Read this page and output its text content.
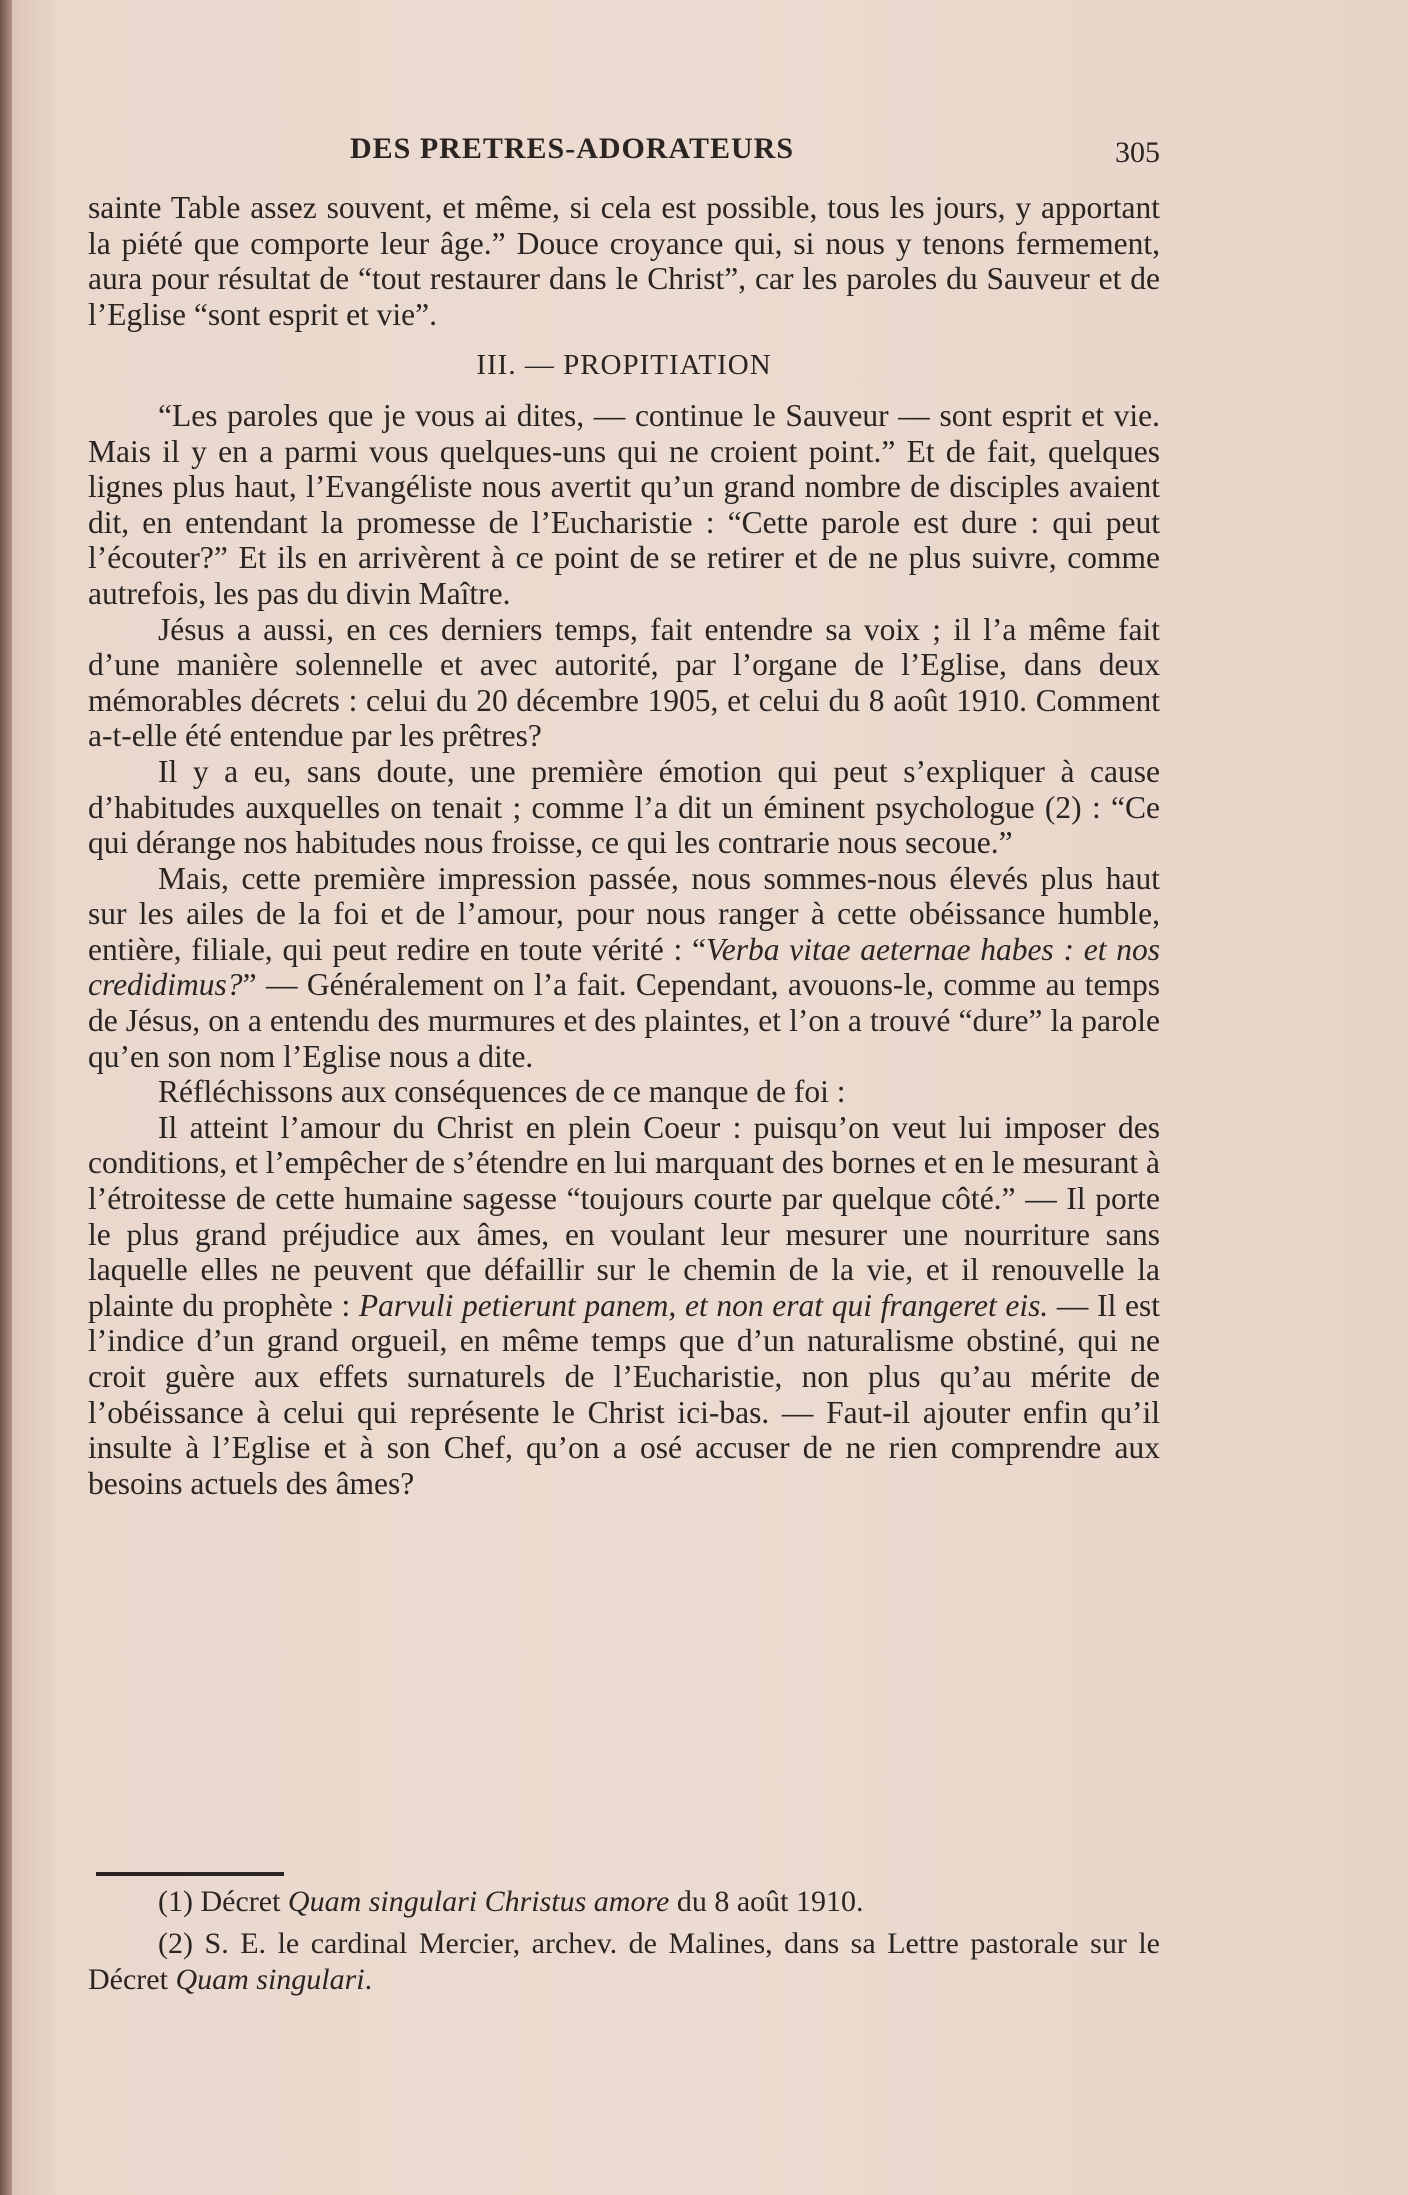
DES PRETRES-ADORATEURS	305

sainte Table assez souvent, et même, si cela est possible, tous les jours, y apportant la piété que comporte leur âge.” Douce croyance qui, si nous y tenons fermement, aura pour résultat de “tout restaurer dans le Christ”, car les paroles du Sauveur et de l’Eglise “sont esprit et vie”.

III. — PROPITIATION

“Les paroles que je vous ai dites, — continue le Sauveur — sont esprit et vie. Mais il y en a parmi vous quelques-uns qui ne croient point.” Et de fait, quelques lignes plus haut, l’Evangéliste nous avertit qu’un grand nombre de disciples avaient dit, en entendant la promesse de l’Eucharistie : “Cette parole est dure : qui peut l’écouter?” Et ils en arrivèrent à ce point de se retirer et de ne plus suivre, comme autrefois, les pas du divin Maître.

Jésus a aussi, en ces derniers temps, fait entendre sa voix ; il l’a même fait d’une manière solennelle et avec autorité, par l’organe de l’Eglise, dans deux mémorables décrets : celui du 20 décembre 1905, et celui du 8 août 1910. Comment a-t-elle été entendue par les prêtres?

Il y a eu, sans doute, une première émotion qui peut s’expliquer à cause d’habitudes auxquelles on tenait ; comme l’a dit un éminent psychologue (2) : “Ce qui dérange nos habitudes nous froisse, ce qui les contrarie nous secoue.”

Mais, cette première impression passée, nous sommes-nous élevés plus haut sur les ailes de la foi et de l’amour, pour nous ranger à cette obéissance humble, entière, filiale, qui peut redire en toute vérité : “Verba vitae aeternae habes : et nos credidimus?” — Généralement on l’a fait. Cependant, avouons-le, comme au temps de Jésus, on a entendu des murmures et des plaintes, et l’on a trouvé “dure” la parole qu’en son nom l’Eglise nous a dite.

Réfléchissons aux conséquences de ce manque de foi :

Il atteint l’amour du Christ en plein Coeur : puisqu’on veut lui imposer des conditions, et l’empêcher de s’étendre en lui marquant des bornes et en le mesurant à l’étroitesse de cette humaine sagesse “toujours courte par quelque côté.” — Il porte le plus grand préjudice aux âmes, en voulant leur mesurer une nourriture sans laquelle elles ne peuvent que défaillir sur le chemin de la vie, et il renouvelle la plainte du prophète : Parvuli petierunt panem, et non erat qui frangeret eis. — Il est l’indice d’un grand orgueil, en même temps que d’un naturalisme obstiné, qui ne croit guère aux effets surnaturels de l’Eucharistie, non plus qu’au mérite de l’obéissance à celui qui représente le Christ ici-bas. — Faut-il ajouter enfin qu’il insulte à l’Eglise et à son Chef, qu’on a osé accuser de ne rien comprendre aux besoins actuels des âmes?

(1) Décret Quam singulari Christus amore du 8 août 1910.

(2) S. E. le cardinal Mercier, archev. de Malines, dans sa Lettre pastorale sur le Décret Quam singulari.
